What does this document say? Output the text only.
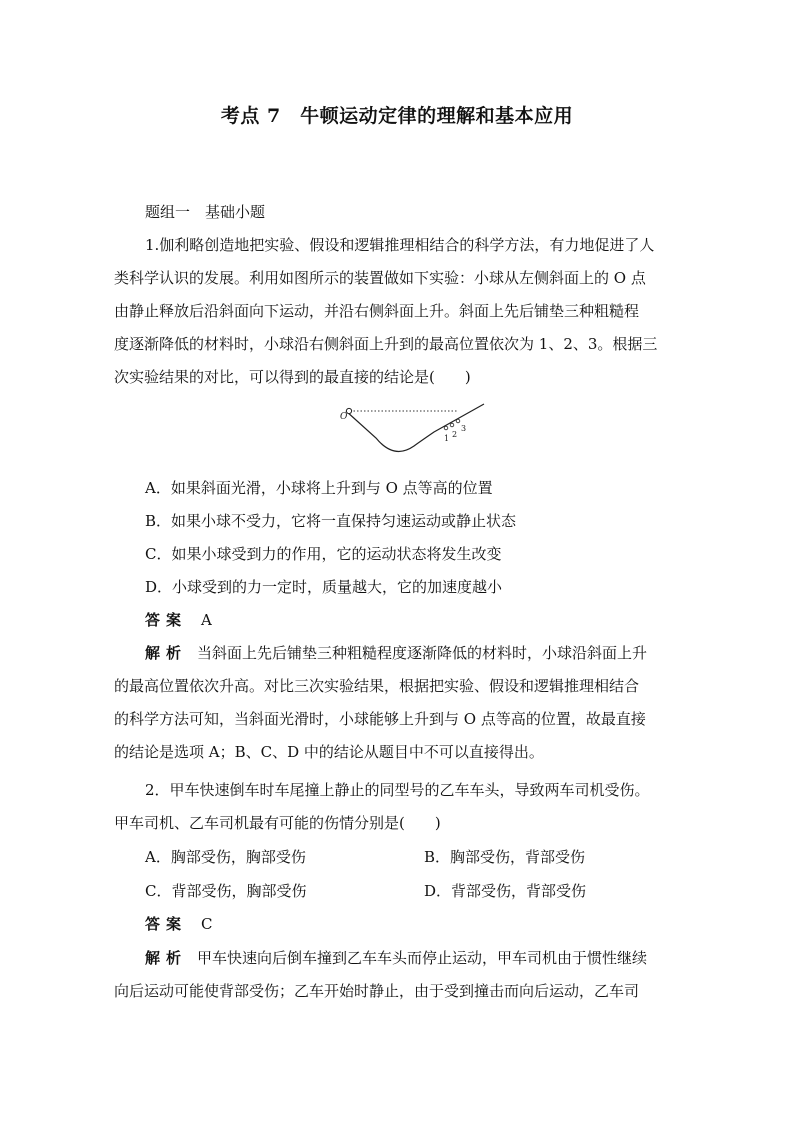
考点 7　牛顿运动定律的理解和基本应用
题组一　基础小题
1.伽利略创造地把实验、假设和逻辑推理相结合的科学方法，有力地促进了人
类科学认识的发展。利用如图所示的装置做如下实验：小球从左侧斜面上的 O 点
由静止释放后沿斜面向下运动，并沿右侧斜面上升。斜面上先后铺垫三种粗糙程
度逐渐降低的材料时，小球沿右侧斜面上升到的最高位置依次为 1、2、3。根据三
次实验结果的对比，可以得到的最直接的结论是(　　)
O
1 2
3
A．如果斜面光滑，小球将上升到与 O 点等高的位置
B．如果小球不受力，它将一直保持匀速运动或静止状态
C．如果小球受到力的作用，它的运动状态将发生改变
D．小球受到的力一定时，质量越大，它的加速度越小
答案 A
解析 当斜面上先后铺垫三种粗糙程度逐渐降低的材料时，小球沿斜面上升
的最高位置依次升高。对比三次实验结果，根据把实验、假设和逻辑推理相结合
的科学方法可知，当斜面光滑时，小球能够上升到与 O 点等高的位置，故最直接
的结论是选项 A；B、C、D 中的结论从题目中不可以直接得出。
2．甲车快速倒车时车尾撞上静止的同型号的乙车车头，导致两车司机受伤。
甲车司机、乙车司机最有可能的伤情分别是(　　)
A．胸部受伤，胸部受伤	B．胸部受伤，背部受伤
C．背部受伤，胸部受伤	D．背部受伤，背部受伤
答案 C
解析 甲车快速向后倒车撞到乙车车头而停止运动，甲车司机由于惯性继续
向后运动可能使背部受伤；乙车开始时静止，由于受到撞击而向后运动，乙车司
